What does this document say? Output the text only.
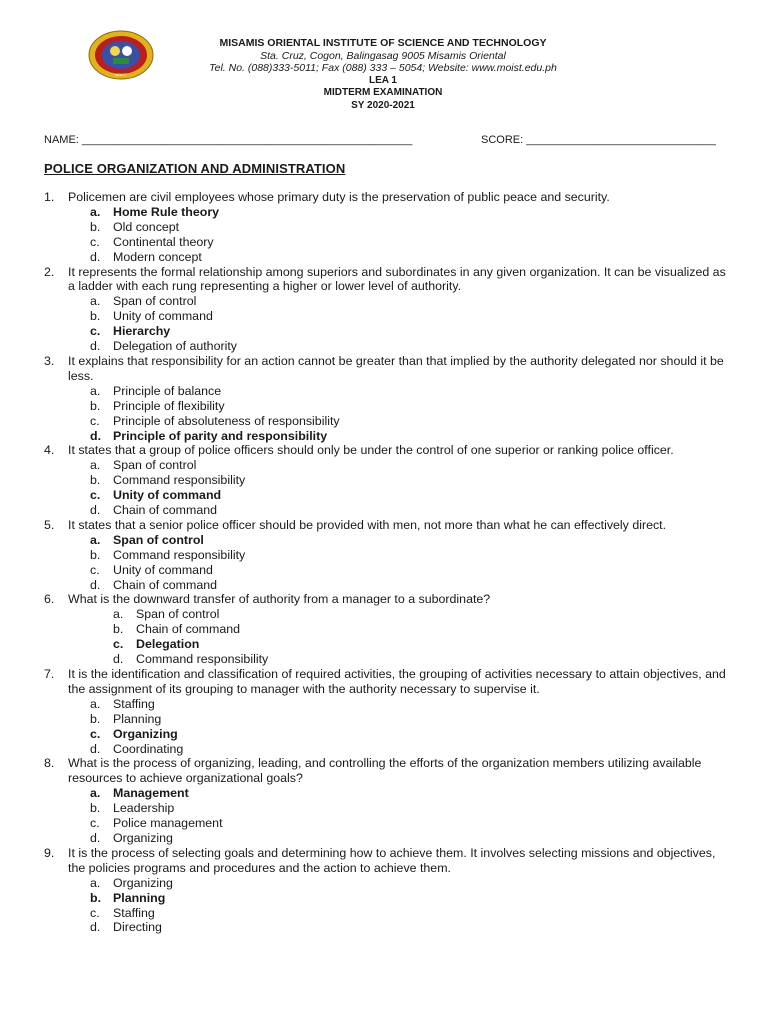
MOIST
MISAMIS ORIENTAL INSTITUTE OF SCIENCE AND TECHNOLOGY
Sta. Cruz, Cogon, Balingasag 9005 Misamis Oriental
Tel. No. (088)333-5011; Fax (088) 333 – 5054; Website: www.moist.edu.ph
LEA 1
MIDTERM EXAMINATION
SY 2020-2021
NAME: ______________________________________________________	SCORE: _______________________________
POLICE ORGANIZATION AND ADMINISTRATION
1.	Policemen are civil employees whose primary duty is the preservation of public peace and security.
a.	Home Rule theory
b.	Old concept
c.	Continental theory
d.	Modern concept
2.	It represents the formal relationship among superiors and subordinates in any given organization. It can be visualized as a ladder with each rung representing a higher or lower level of authority.
a.	Span of control
b.	Unity of command
c.	Hierarchy
d.	Delegation of authority
3.	It explains that responsibility for an action cannot be greater than that implied by the authority delegated nor should it be less.
a.	Principle of balance
b.	Principle of flexibility
c.	Principle of absoluteness of responsibility
d. Principle of parity and responsibility
4.	It states that a group of police officers should only be under the control of one superior or ranking police officer.
a.	Span of control
b.	Command responsibility
c.	Unity of command
d.	Chain of command
5.	It states that a senior police officer should be provided with men, not more than what he can effectively direct.
a.	Span of control
b.	Command responsibility
c.	Unity of command
d.	Chain of command
6.	What is the downward transfer of authority from a manager to a subordinate?
a.	Span of control
b.	Chain of command
c.	Delegation
d.	Command responsibility
7.	It is the identification and classification of required activities, the grouping of activities necessary to attain objectives, and the assignment of its grouping to manager with the authority necessary to supervise it.
a.	Staffing
b.	Planning
c.	Organizing
d.	Coordinating
8.	What is the process of organizing, leading, and controlling the efforts of the organization members utilizing available resources to achieve organizational goals?
a.	Management
b.	Leadership
c.	Police management
d.	Organizing
9.	It is the process of selecting goals and determining how to achieve them. It involves selecting missions and objectives, the policies programs and procedures and the action to achieve them.
a.	Organizing
b. Planning
c.	Staffing
d.	Directing
